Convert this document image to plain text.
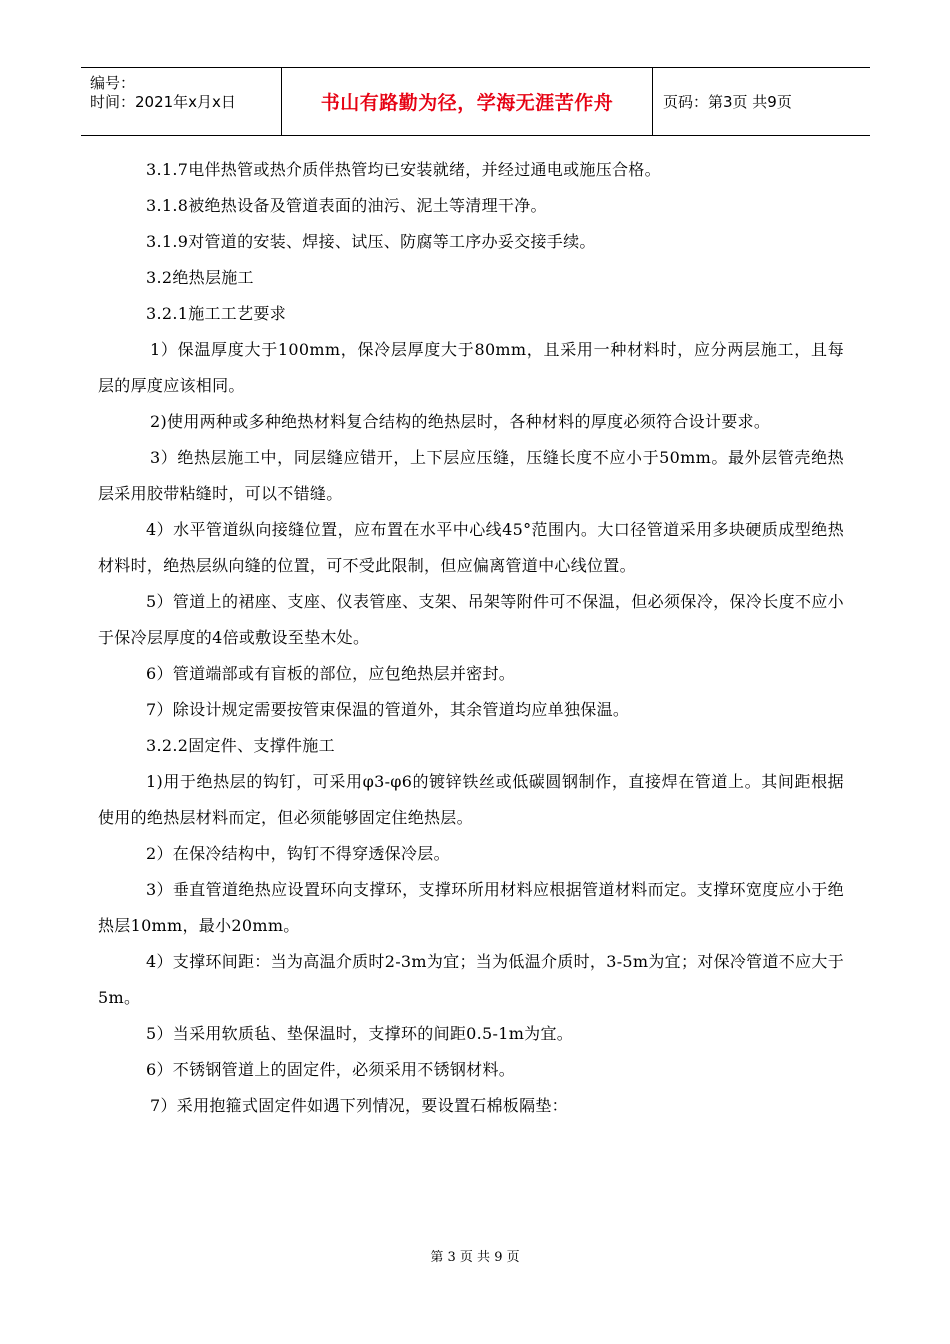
编号：
时间：2021年x月x日	书山有路勤为径，学海无涯苦作舟	页码：第3页 共9页

3.1.7电伴热管或热介质伴热管均已安装就绪，并经过通电或施压合格。

3.1.8被绝热设备及管道表面的油污、泥土等清理干净。

3.1.9对管道的安装、焊接、试压、防腐等工序办妥交接手续。

3.2绝热层施工

3.2.1施工工艺要求

1）保温厚度大于100mm，保冷层厚度大于80mm，且采用一种材料时，应分两层施工，且每层的厚度应该相同。

2)使用两种或多种绝热材料复合结构的绝热层时，各种材料的厚度必须符合设计要求。

3）绝热层施工中，同层缝应错开，上下层应压缝，压缝长度不应小于50mm。最外层管壳绝热层采用胶带粘缝时，可以不错缝。

4）水平管道纵向接缝位置，应布置在水平中心线45°范围内。大口径管道采用多块硬质成型绝热材料时，绝热层纵向缝的位置，可不受此限制，但应偏离管道中心线位置。

5）管道上的裙座、支座、仪表管座、支架、吊架等附件可不保温，但必须保冷，保冷长度不应小于保冷层厚度的4倍或敷设至垫木处。

6）管道端部或有盲板的部位，应包绝热层并密封。

7）除设计规定需要按管束保温的管道外，其余管道均应单独保温。

3.2.2固定件、支撑件施工

1)用于绝热层的钩钉，可采用φ3-φ6的镀锌铁丝或低碳圆钢制作，直接焊在管道上。其间距根据使用的绝热层材料而定，但必须能够固定住绝热层。

2）在保冷结构中，钩钉不得穿透保冷层。

3）垂直管道绝热应设置环向支撑环，支撑环所用材料应根据管道材料而定。支撑环宽度应小于绝热层10mm，最小20mm。

4）支撑环间距：当为高温介质时2-3m为宜；当为低温介质时，3-5m为宜；对保冷管道不应大于5m。

5）当采用软质毡、垫保温时，支撑环的间距0.5-1m为宜。

6）不锈钢管道上的固定件，必须采用不锈钢材料。

7）采用抱箍式固定件如遇下列情况，要设置石棉板隔垫：

第 3 页 共 9 页
